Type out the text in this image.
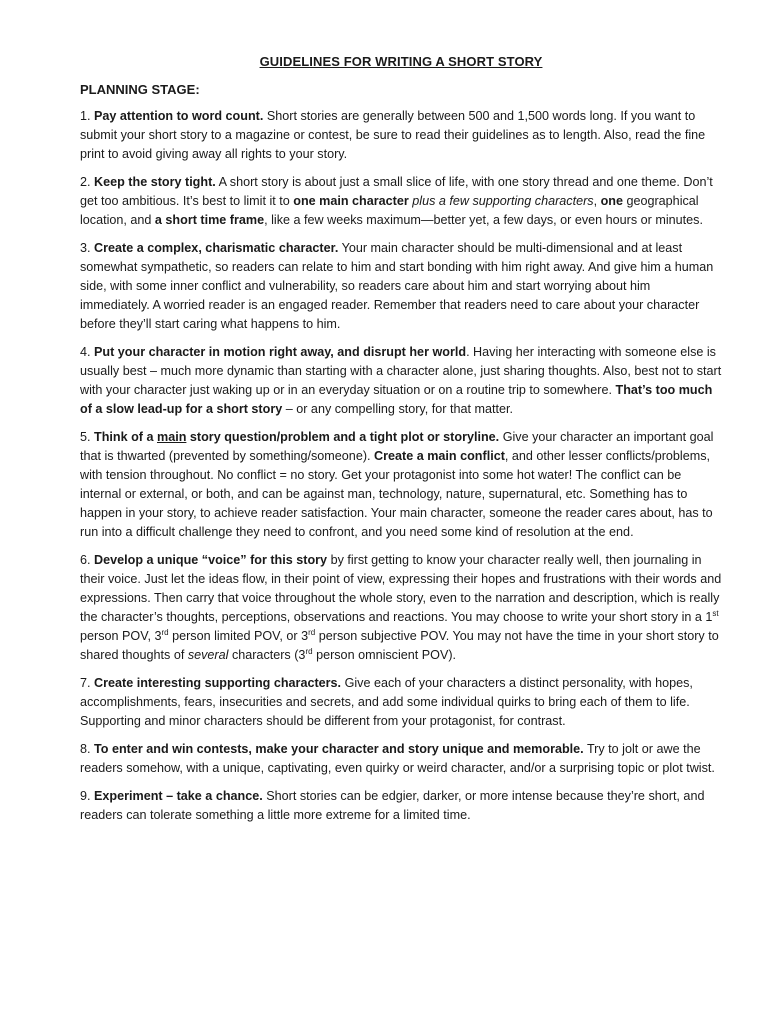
GUIDELINES FOR WRITING A SHORT STORY
PLANNING STAGE:

1. Pay attention to word count. Short stories are generally between 500 and 1,500 words long. If you want to submit your short story to a magazine or contest, be sure to read their guidelines as to length. Also, read the fine print to avoid giving away all rights to your story.

2. Keep the story tight. A short story is about just a small slice of life, with one story thread and one theme. Don’t get too ambitious. It’s best to limit it to one main character plus a few supporting characters, one geographical location, and a short time frame, like a few weeks maximum—better yet, a few days, or even hours or minutes.

3. Create a complex, charismatic character. Your main character should be multi-dimensional and at least somewhat sympathetic, so readers can relate to him and start bonding with him right away. And give him a human side, with some inner conflict and vulnerability, so readers care about him and start worrying about him immediately. A worried reader is an engaged reader. Remember that readers need to care about your character before they’ll start caring what happens to him.

4. Put your character in motion right away, and disrupt her world. Having her interacting with someone else is usually best – much more dynamic than starting with a character alone, just sharing thoughts. Also, best not to start with your character just waking up or in an everyday situation or on a routine trip to somewhere. That’s too much of a slow lead-up for a short story – or any compelling story, for that matter.

5. Think of a main story question/problem and a tight plot or storyline. Give your character an important goal that is thwarted (prevented by something/someone). Create a main conflict, and other lesser conflicts/problems, with tension throughout. No conflict = no story. Get your protagonist into some hot water! The conflict can be internal or external, or both, and can be against man, technology, nature, supernatural, etc. Something has to happen in your story, to achieve reader satisfaction. Your main character, someone the reader cares about, has to run into a difficult challenge they need to confront, and you need some kind of resolution at the end.

6. Develop a unique “voice” for this story by first getting to know your character really well, then journaling in their voice. Just let the ideas flow, in their point of view, expressing their hopes and frustrations with their words and expressions. Then carry that voice throughout the whole story, even to the narration and description, which is really the character’s thoughts, perceptions, observations and reactions. You may choose to write your short story in a 1st person POV, 3rd person limited POV, or 3rd person subjective POV. You may not have the time in your short story to shared thoughts of several characters (3rd person omniscient POV).

7. Create interesting supporting characters. Give each of your characters a distinct personality, with hopes, accomplishments, fears, insecurities and secrets, and add some individual quirks to bring each of them to life. Supporting and minor characters should be different from your protagonist, for contrast.

8. To enter and win contests, make your character and story unique and memorable. Try to jolt or awe the readers somehow, with a unique, captivating, even quirky or weird character, and/or a surprising topic or plot twist.

9. Experiment – take a chance. Short stories can be edgier, darker, or more intense because they’re short, and readers can tolerate something a little more extreme for a limited time.
